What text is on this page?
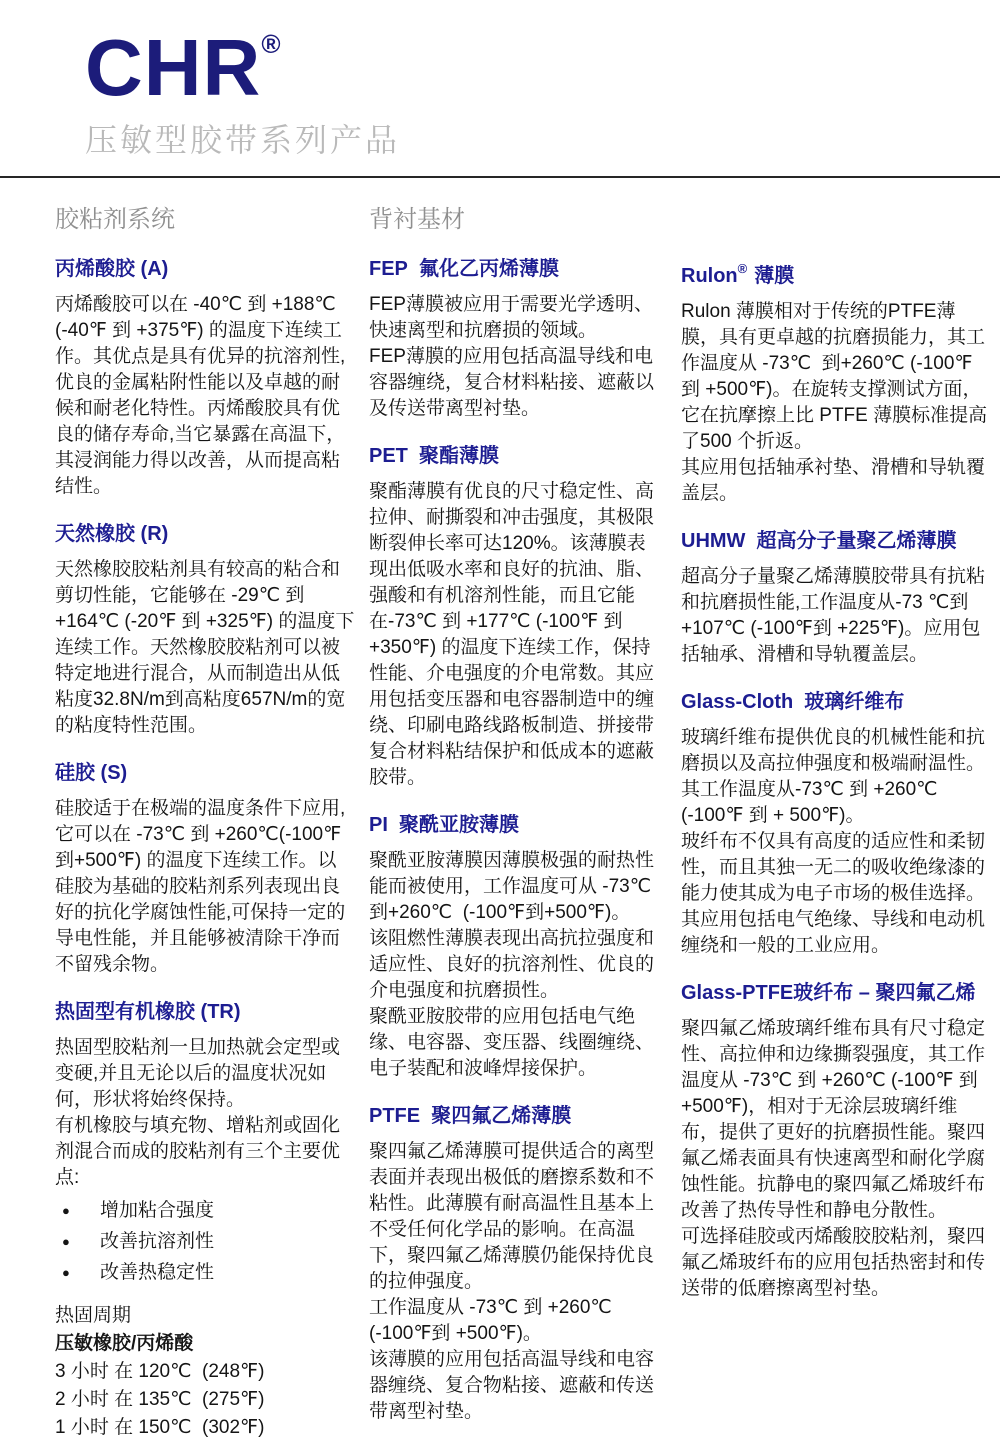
CHR®
压敏型胶带系列产品
胶粘剂系统
丙烯酸胶 (A)

丙烯酸胶可以在 -40℃ 到 +188℃ (-40℉ 到 +375℉) 的温度下连续工作。其优点是具有优异的抗溶剂性,优良的金属粘附性能以及卓越的耐候和耐老化特性。丙烯酸胶具有优良的储存寿命,当它暴露在高温下，其浸润能力得以改善，从而提高粘结性。

天然橡胶 (R)

天然橡胶胶粘剂具有较高的粘合和剪切性能，它能够在 -29℃ 到 +164℃ (-20℉ 到 +325℉) 的温度下连续工作。天然橡胶胶粘剂可以被特定地进行混合，从而制造出从低粘度32.8N/m到高粘度657N/m的宽的粘度特性范围。

硅胶 (S)

硅胶适于在极端的温度条件下应用,它可以在 -73℃ 到 +260℃(-100℉到+500℉) 的温度下连续工作。以硅胶为基础的胶粘剂系列表现出良好的抗化学腐蚀性能,可保持一定的导电性能，并且能够被清除干净而不留残余物。

热固型有机橡胶 (TR)

热固型胶粘剂一旦加热就会定型或变硬,并且无论以后的温度状况如何，形状将始终保持。

有机橡胶与填充物、增粘剂或固化剂混合而成的胶粘剂有三个主要优点:

● 增加粘合强度
● 改善抗溶剂性
● 改善热稳定性
热固周期
压敏橡胶/丙烯酸
3 小时 在 120℃  (248℉)
2 小时 在 135℃  (275℉)
1 小时 在 150℃  (302℉)
背衬基材
FEP  氟化乙丙烯薄膜

FEP薄膜被应用于需要光学透明、快速离型和抗磨损的领域。

FEP薄膜的应用包括高温导线和电容器缠绕，复合材料粘接、遮蔽以及传送带离型衬垫。

PET  聚酯薄膜

聚酯薄膜有优良的尺寸稳定性、高拉伸、耐撕裂和冲击强度，其极限断裂伸长率可达120%。该薄膜表现出低吸水率和良好的抗油、脂、强酸和有机溶剂性能，而且它能在-73℃ 到 +177℃ (-100℉ 到 +350℉) 的温度下连续工作，保持性能、介电强度的介电常数。其应用包括变压器和电容器制造中的缠绕、印刷电路线路板制造、拼接带复合材料粘结保护和低成本的遮蔽胶带。

PI  聚酰亚胺薄膜

聚酰亚胺薄膜因薄膜极强的耐热性能而被使用，工作温度可从 -73℃到+260℃  (-100℉到+500℉)。

该阻燃性薄膜表现出高抗拉强度和适应性、良好的抗溶剂性、优良的介电强度和抗磨损性。

聚酰亚胺胶带的应用包括电气绝缘、电容器、变压器、线圈缠绕、电子装配和波峰焊接保护。

PTFE  聚四氟乙烯薄膜

聚四氟乙烯薄膜可提供适合的离型表面并表现出极低的磨擦系数和不粘性。此薄膜有耐高温性且基本上不受任何化学品的影响。在高温下，聚四氟乙烯薄膜仍能保持优良的拉伸强度。

工作温度从 -73℃ 到 +260℃ (-100℉到 +500℉)。

该薄膜的应用包括高温导线和电容器缠绕、复合物粘接、遮蔽和传送带离型衬垫。

Rulon® 薄膜

Rulon 薄膜相对于传统的PTFE薄膜，具有更卓越的抗磨损能力，其工作温度从 -73℃  到+260℃ (-100℉ 到 +500℉)。在旋转支撑测试方面，它在抗摩擦上比 PTFE 薄膜标准提高了500 个折返。

其应用包括轴承衬垫、滑槽和导轨覆盖层。

UHMW  超高分子量聚乙烯薄膜

超高分子量聚乙烯薄膜胶带具有抗粘和抗磨损性能,工作温度从-73 ℃到+107℃ (-100℉到 +225℉)。应用包括轴承、滑槽和导轨覆盖层。

Glass-Cloth  玻璃纤维布

玻璃纤维布提供优良的机械性能和抗磨损以及高拉伸强度和极端耐温性。

其工作温度从-73℃ 到 +260℃ (-100℉ 到 + 500℉)。

玻纤布不仅具有高度的适应性和柔韧性，而且其独一无二的吸收绝缘漆的能力使其成为电子市场的极佳选择。

其应用包括电气绝缘、导线和电动机缠绕和一般的工业应用。

Glass-PTFE玻纤布 – 聚四氟乙烯

聚四氟乙烯玻璃纤维布具有尺寸稳定性、高拉伸和边缘撕裂强度，其工作温度从 -73℃ 到 +260℃ (-100℉ 到 +500℉)，相对于无涂层玻璃纤维布，提供了更好的抗磨损性能。聚四氟乙烯表面具有快速离型和耐化学腐蚀性能。抗静电的聚四氟乙烯玻纤布改善了热传导性和静电分散性。

可选择硅胶或丙烯酸胶胶粘剂，聚四氟乙烯玻纤布的应用包括热密封和传送带的低磨擦离型衬垫。
